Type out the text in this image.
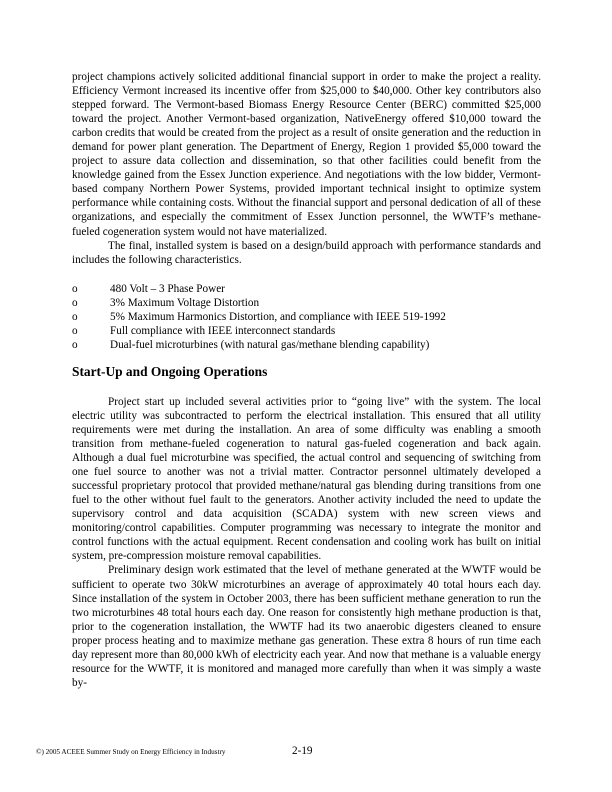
project champions actively solicited additional financial support in order to make the project a reality. Efficiency Vermont increased its incentive offer from $25,000 to $40,000. Other key contributors also stepped forward. The Vermont-based Biomass Energy Resource Center (BERC) committed $25,000 toward the project. Another Vermont-based organization, NativeEnergy offered $10,000 toward the carbon credits that would be created from the project as a result of onsite generation and the reduction in demand for power plant generation. The Department of Energy, Region 1 provided $5,000 toward the project to assure data collection and dissemination, so that other facilities could benefit from the knowledge gained from the Essex Junction experience. And negotiations with the low bidder, Vermont-based company Northern Power Systems, provided important technical insight to optimize system performance while containing costs. Without the financial support and personal dedication of all of these organizations, and especially the commitment of Essex Junction personnel, the WWTF’s methane-fueled cogeneration system would not have materialized.

The final, installed system is based on a design/build approach with performance standards and includes the following characteristics.

o	480 Volt – 3 Phase Power
o	3% Maximum Voltage Distortion
o	5% Maximum Harmonics Distortion, and compliance with IEEE 519-1992
o	Full compliance with IEEE interconnect standards
o	Dual-fuel microturbines (with natural gas/methane blending capability)
Start-Up and Ongoing Operations

Project start up included several activities prior to “going live” with the system. The local electric utility was subcontracted to perform the electrical installation. This ensured that all utility requirements were met during the installation. An area of some difficulty was enabling a smooth transition from methane-fueled cogeneration to natural gas-fueled cogeneration and back again. Although a dual fuel microturbine was specified, the actual control and sequencing of switching from one fuel source to another was not a trivial matter. Contractor personnel ultimately developed a successful proprietary protocol that provided methane/natural gas blending during transitions from one fuel to the other without fuel fault to the generators. Another activity included the need to update the supervisory control and data acquisition (SCADA) system with new screen views and monitoring/control capabilities. Computer programming was necessary to integrate the monitor and control functions with the actual equipment. Recent condensation and cooling work has built on initial system, pre-compression moisture removal capabilities.

Preliminary design work estimated that the level of methane generated at the WWTF would be sufficient to operate two 30kW microturbines an average of approximately 40 total hours each day. Since installation of the system in October 2003, there has been sufficient methane generation to run the two microturbines 48 total hours each day. One reason for consistently high methane production is that, prior to the cogeneration installation, the WWTF had its two anaerobic digesters cleaned to ensure proper process heating and to maximize methane gas generation. These extra 8 hours of run time each day represent more than 80,000 kWh of electricity each year. And now that methane is a valuable energy resource for the WWTF, it is monitored and managed more carefully than when it was simply a waste by-

©) 2005 ACEEE Summer Study on Energy Efficiency in Industry	2-19
